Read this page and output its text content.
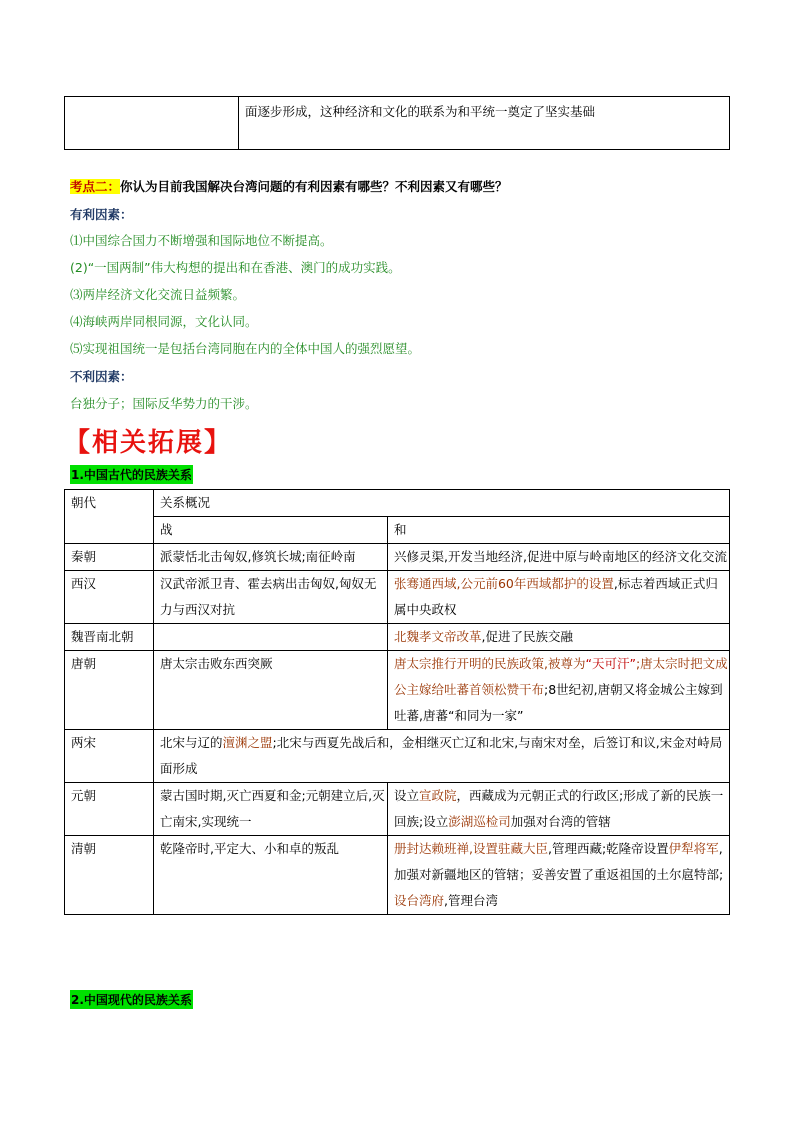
	面逐步形成，这种经济和文化的联系为和平统一奠定了坚实基础
考点二：你认为目前我国解决台湾问题的有利因素有哪些？不利因素又有哪些？
有利因素：
⑴中国综合国力不断增强和国际地位不断提高。
(2)“一国两制”伟大构想的提出和在香港、澳门的成功实践。
⑶两岸经济文化交流日益频繁。
⑷海峡两岸同根同源，文化认同。
⑸实现祖国统一是包括台湾同胞在内的全体中国人的强烈愿望。
不利因素：
台独分子；国际反华势力的干涉。
【相关拓展】
1.中国古代的民族关系
朝代	关系概况	
	战	和
秦朝	派蒙恬北击匈奴,修筑长城;南征岭南	兴修灵渠,开发当地经济,促进中原与岭南地区的经济文化交流
西汉	汉武帝派卫青、霍去病出击匈奴,匈奴无力与西汉对抗	张骞通西域,公元前60年西域都护的设置,标志着西域正式归属中央政权
魏晋南北朝		北魏孝文帝改革,促进了民族交融
唐朝	唐太宗击败东西突厥	唐太宗推行开明的民族政策,被尊为“天可汗”;唐太宗时把文成公主嫁给吐蕃首领松赞干布;8世纪初,唐朝又将金城公主嫁到吐蕃,唐蕃“和同为一家”
两宋	北宋与辽的澶渊之盟;北宋与西夏先战后和，金相继灭亡辽和北宋,与南宋对垒，后签订和议,宋金对峙局面形成	
元朝	蒙古国时期,灭亡西夏和金;元朝建立后,灭亡南宋,实现统一	设立宣政院，西藏成为元朝正式的行政区;形成了新的民族一回族;设立澎湖巡检司加强对台湾的管辖
清朝	乾隆帝时,平定大、小和卓的叛乱	册封达赖班禅,设置驻藏大臣,管理西藏;乾隆帝设置伊犁将军,加强对新疆地区的管辖；妥善安置了重返祖国的土尔扈特部;设台湾府,管理台湾
2.中国现代的民族关系
